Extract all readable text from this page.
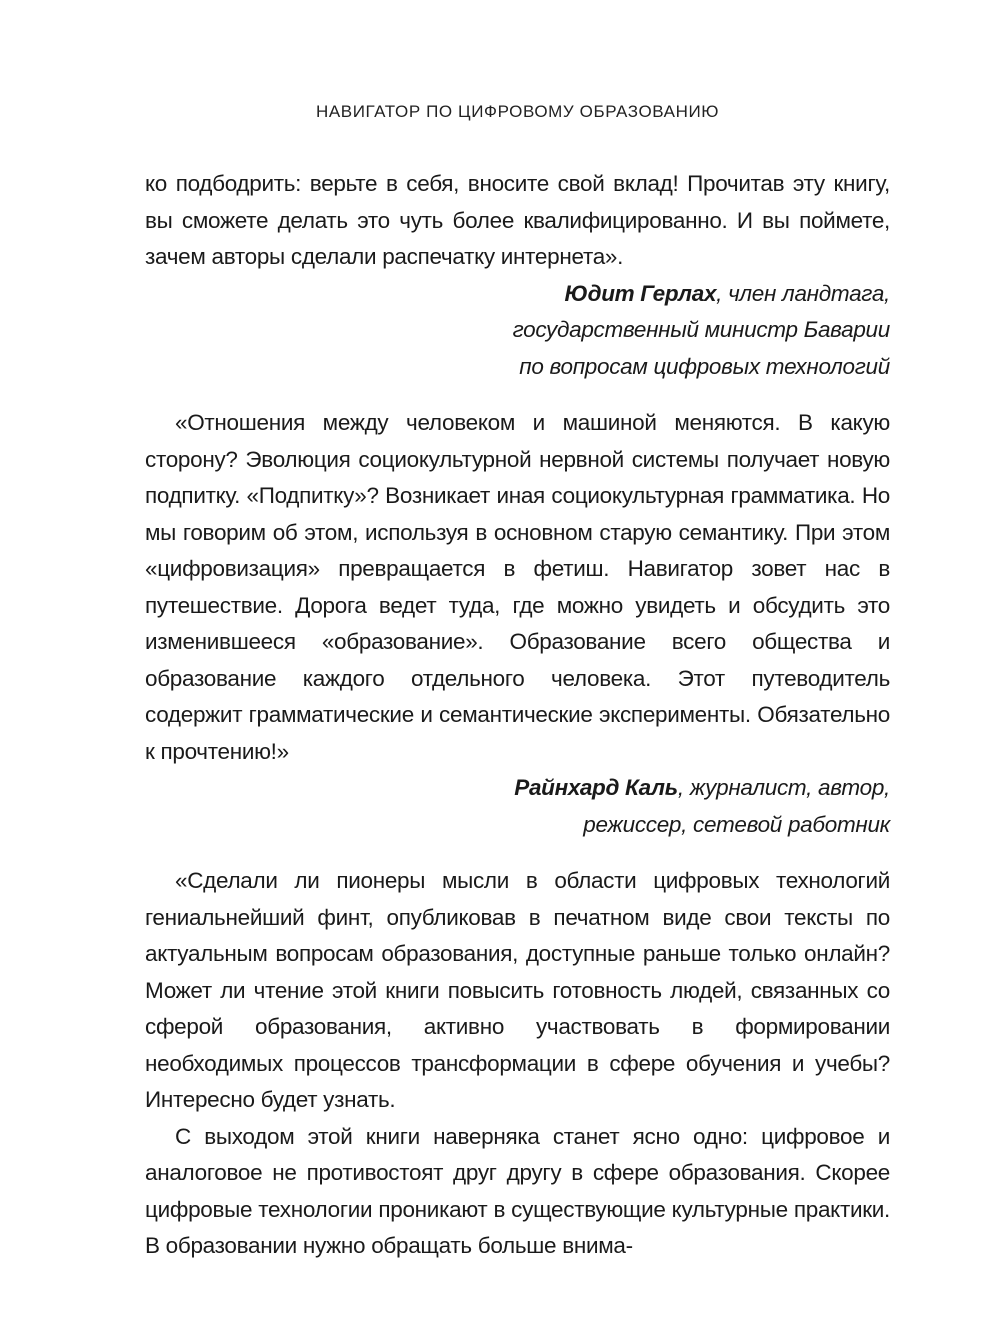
НАВИГАТОР ПО ЦИФРОВОМУ ОБРАЗОВАНИЮ

ко подбодрить: верьте в себя, вносите свой вклад! Прочитав эту книгу, вы сможете делать это чуть более квалифицированно. И вы поймете, зачем авторы сделали распечатку интернета».

Юдит Герлах, член ландтага,
государственный министр Баварии
по вопросам цифровых технологий

«Отношения между человеком и машиной меняются. В какую сторону? Эволюция социокультурной нервной системы получает новую подпитку. «Подпитку»? Возникает иная социокультурная грамматика. Но мы говорим об этом, используя в основном старую семантику. При этом «цифровизация» превращается в фетиш. Навигатор зовет нас в путешествие. Дорога ведет туда, где можно увидеть и обсудить это изменившееся «образование». Образование всего общества и образование каждого отдельного человека. Этот путеводитель содержит грамматические и семантические эксперименты. Обязательно к прочтению!»

Райнхард Каль, журналист, автор,
режиссер, сетевой работник

«Сделали ли пионеры мысли в области цифровых технологий гениальнейший финт, опубликовав в печатном виде свои тексты по актуальным вопросам образования, доступные раньше только онлайн? Может ли чтение этой книги повысить готовность людей, связанных со сферой образования, активно участвовать в формировании необходимых процессов трансформации в сфере обучения и учебы? Интересно будет узнать.

С выходом этой книги наверняка станет ясно одно: цифровое и аналоговое не противостоят друг другу в сфере образования. Скорее цифровые технологии проникают в существующие культурные практики. В образовании нужно обращать больше внима-
